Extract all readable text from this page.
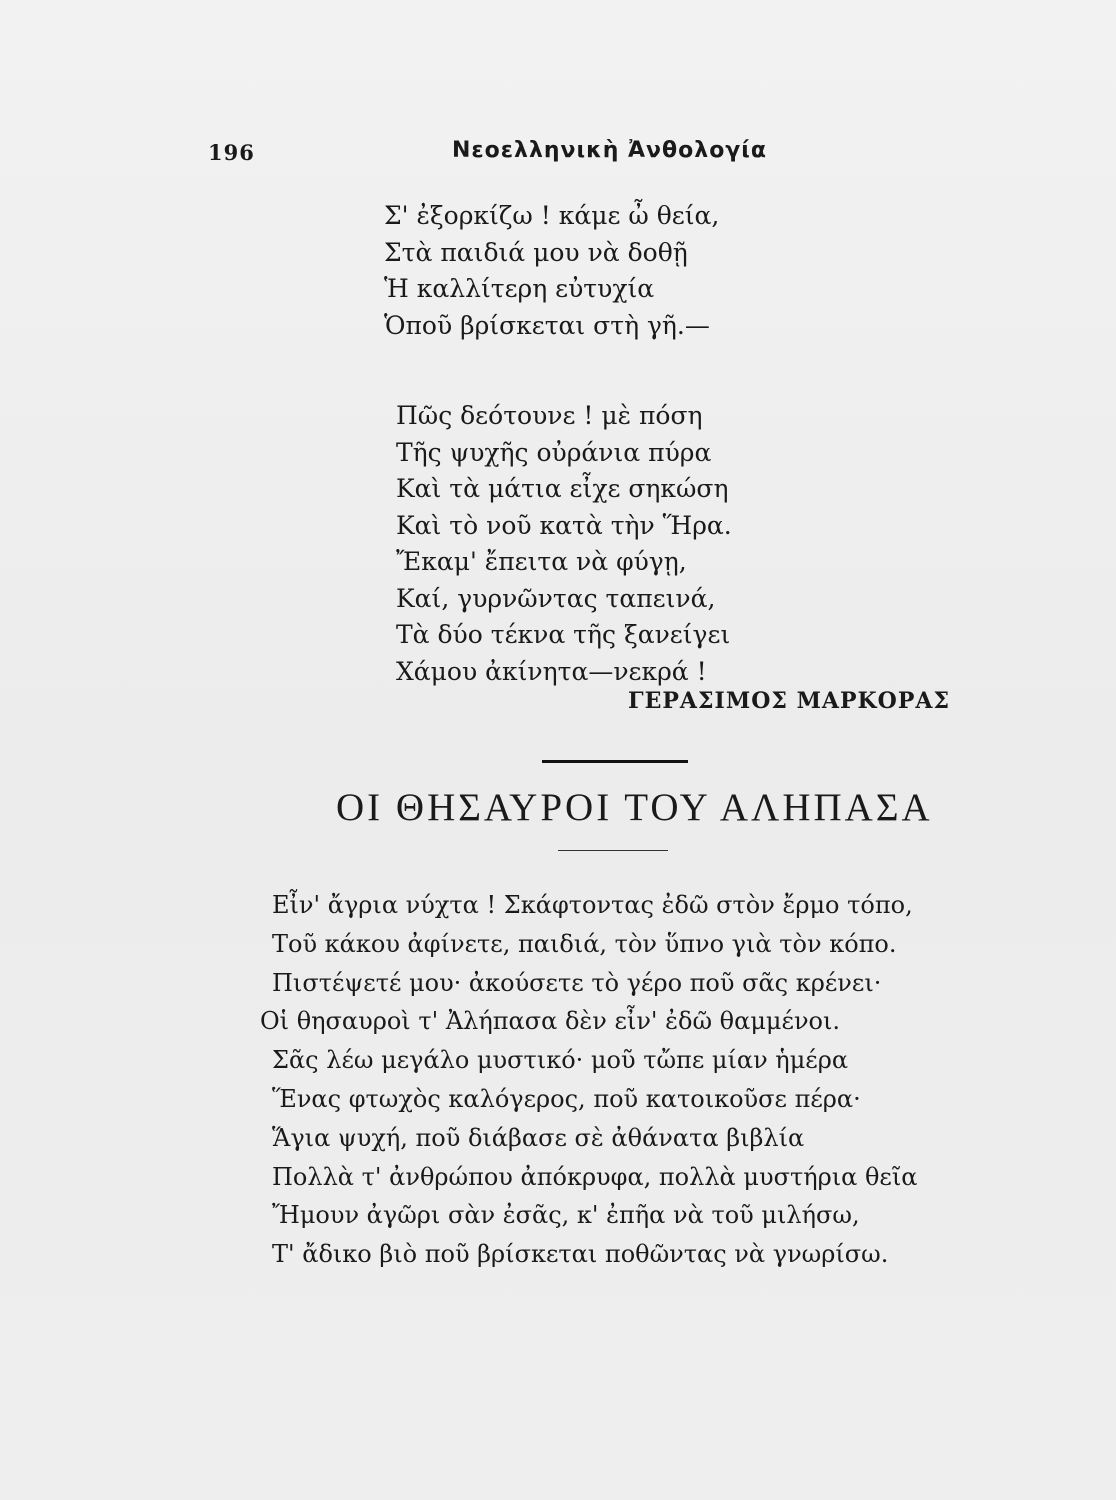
196	Νεοελληνικὴ Ἀνθολογία
Σ' ἐξορκίζω ! κάμε ὦ θεία,
Στὰ παιδιά μου νὰ δοθῇ
Ἡ καλλίτερη εὐτυχία
Ὁποῦ βρίσκεται στὴ γῆ.—
Πῶς δεότουνε ! μὲ πόση
Τῆς ψυχῆς οὐράνια πύρα
Καὶ τὰ μάτια εἶχε σηκώση
Καὶ τὸ νοῦ κατὰ τὴν Ἥρα.
Ἔκαμ' ἔπειτα νὰ φύγῃ,
Καί, γυρνῶντας ταπεινά,
Τὰ δύο τέκνα τῆς ξανείγει
Χάμου ἀκίνητα—νεκρά !
ΓΕΡΑΣΙΜΟΣ ΜΑΡΚΟΡΑΣ
ΟΙ ΘΗΣΑΥΡΟΙ ΤΟΥ ΑΛΗΠΑΣΑ
Εἶν' ἄγρια νύχτα ! Σκάφτοντας ἐδῶ στὸν ἔρμο τόπο,
Τοῦ κάκου ἀφίνετε, παιδιά, τὸν ὕπνο γιὰ τὸν κόπο.
Πιστέψετέ μου· ἀκούσετε τὸ γέρο ποῦ σᾶς κρένει·
Οἱ θησαυροὶ τ' Ἀλήπασα δὲν εἶν' ἐδῶ θαμμένοι.
Σᾶς λέω μεγάλο μυστικό· μοῦ τὤπε μίαν ἡμέρα
Ἕνας φτωχὸς καλόγερος, ποῦ κατοικοῦσε πέρα·
Ἅγια ψυχή, ποῦ διάβασε σὲ ἀθάνατα βιβλία
Πολλὰ τ' ἀνθρώπου ἀπόκρυφα, πολλὰ μυστήρια θεῖα
Ἤμουν ἀγῶρι σὰν ἐσᾶς, κ' ἐπῆα νὰ τοῦ μιλήσω,
Τ' ἄδικο βιὸ ποῦ βρίσκεται ποθῶντας νὰ γνωρίσω.
